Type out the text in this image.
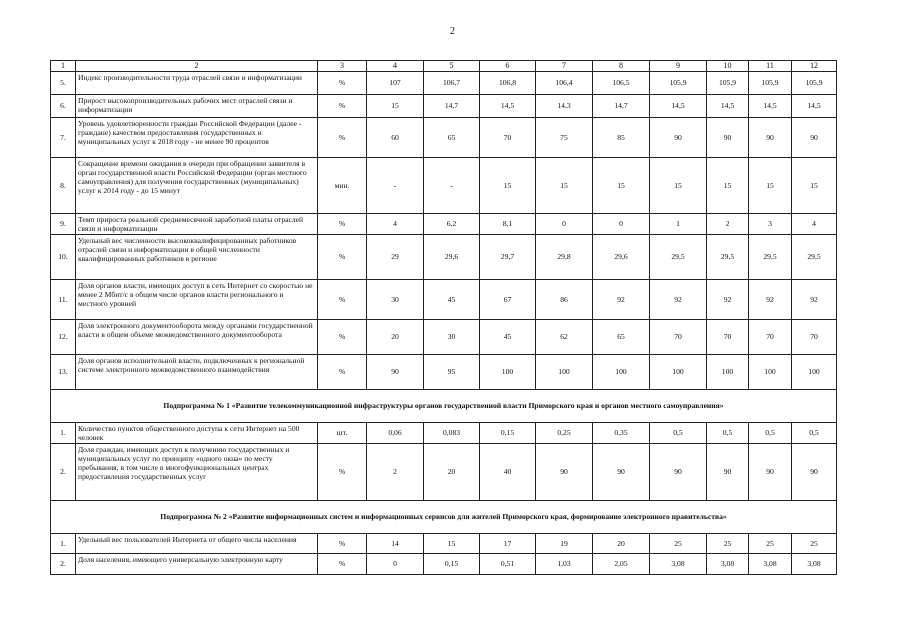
2
1	2	3	4	5	6	7	8	9	10	11	12
5.	Индекс производительности труда отраслей связи и информатизации	%	107	106,7	106,8	106,4	106,5	105,9	105,9	105,9	105,9
6.	Прирост высокопроизводительных рабочих мест отраслей связи и информатизации	%	15	14,7	14,5	14,3	14,7	14,5	14,5	14,5	14,5
7.	Уровень удовлетворенности граждан Российской Федерации (далее - граждане) качеством предоставления государственных и муниципальных услуг к 2018 году - не менее 90 процентов	%	60	65	70	75	85	90	90	90	90
8.	Сокращение времени ожидания в очереди при обращении заявителя в орган государственной власти Российской Федерации (орган местного самоуправления) для получения государственных (муниципальных) услуг к 2014 году - до 15 минут	мин.	-	-	15	15	15	15	15	15	15
9.	Темп прироста реальной среднемесячной заработной платы отраслей связи и информатизации	%	4	6,2	8,1	0	0	1	2	3	4
10.	Удельный вес численности высококвалифицированных работников отраслей связи и информатизации в общей численности квалифицированных работников в регионе	%	29	29,6	29,7	29,8	29,6	29,5	29,5	29,5	29,5
11.	Доля органов власти, имеющих доступ в сеть Интернет со скоростью не менее 2 Мбит/с в общем числе органов власти регионального и местного уровней	%	30	45	67	86	92	92	92	92	92
12.	Доля электронного документооборота между органами государственной власти в общем объеме межведомственного документооборота	%	20	30	45	62	65	70	70	70	70
13.	Доля органов исполнительной власти, подключенных к региональной системе электронного межведомственного взаимодействия	%	90	95	100	100	100	100	100	100	100
Подпрограмма № 1 «Развитие телекоммуникационной инфраструктуры органов государственной власти Приморского края и органов местного самоуправления»											
1.	Количество пунктов общественного доступа к сети Интернет на 500 человек	шт.	0,06	0,083	0,15	0,25	0,35	0,5	0,5	0,5	0,5
2.	Доля граждан, имеющих доступ к получению государственных и муниципальных услуг по принципу «одного окна» по месту пребывания, в том числе в многофункциональных центрах предоставления государственных услуг	%	2	20	40	90	90	90	90	90	90
Подпрограмма № 2 «Развитие информационных систем и информационных сервисов для жителей Приморского края, формирование электронного правительства»											
1.	Удельный вес пользователей Интернета от общего числа населения	%	14	15	17	19	20	25	25	25	25
2.	Доля населения, имеющего универсальную электронную карту	%	0	0,15	0,51	1,03	2,05	3,08	3,08	3,08	3,08
